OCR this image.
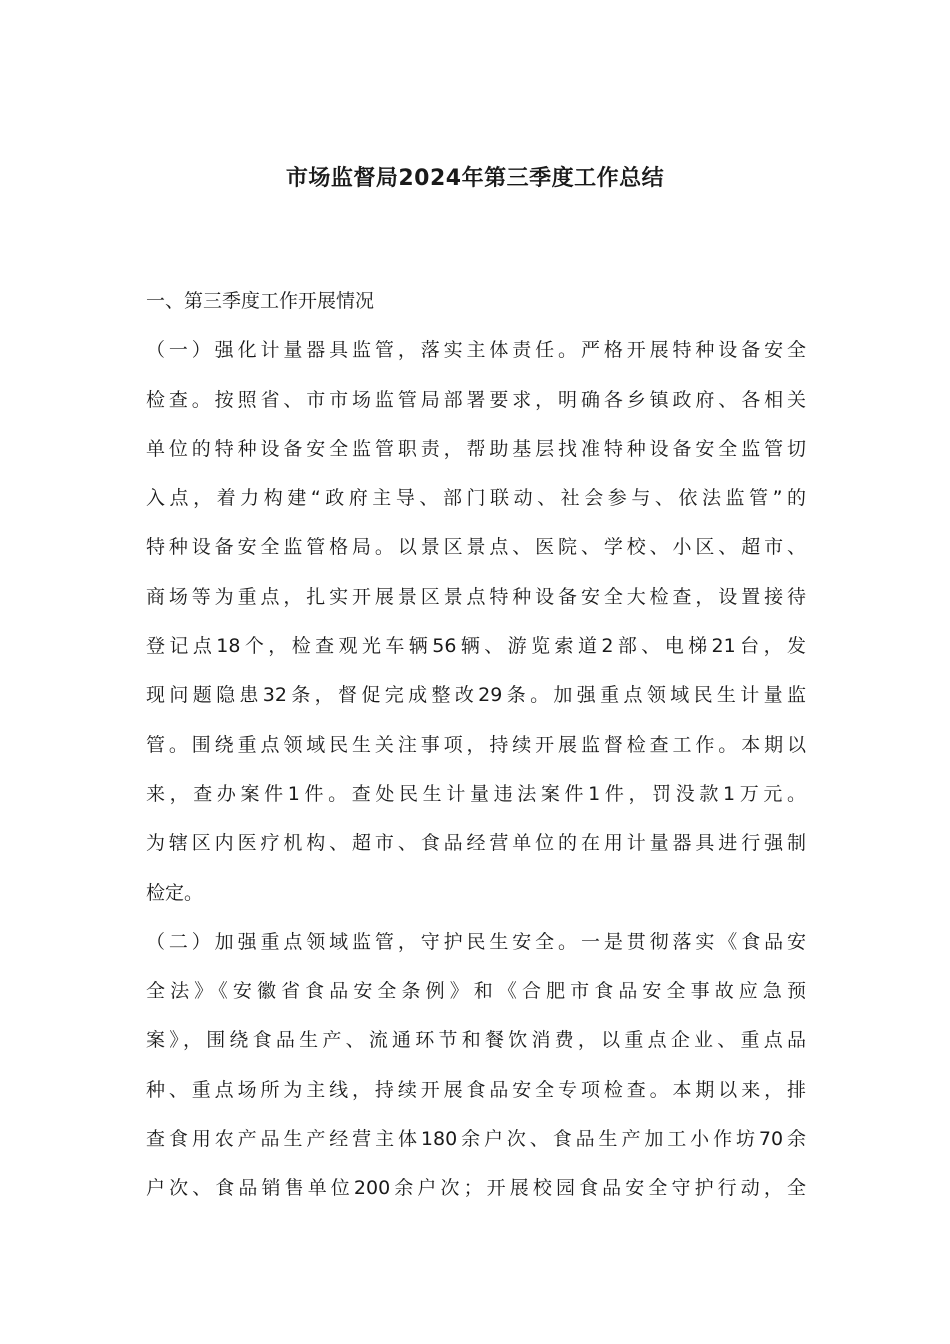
市场监督局2024年第三季度工作总结
一、第三季度工作开展情况
（一）强化计量器具监管，落实主体责任。严格开展特种设备安全
检查。按照省、市市场监管局部署要求，明确各乡镇政府、各相关
单位的特种设备安全监管职责，帮助基层找准特种设备安全监管切
入点，着力构建“政府主导、部门联动、社会参与、依法监管”的
特种设备安全监管格局。以景区景点、医院、学校、小区、超市、
商场等为重点，扎实开展景区景点特种设备安全大检查，设置接待
登记点18个，检查观光车辆56辆、游览索道2部、电梯21台，发
现问题隐患32条，督促完成整改29条。加强重点领域民生计量监
管。围绕重点领域民生关注事项，持续开展监督检查工作。本期以
来，查办案件1件。查处民生计量违法案件1件，罚没款1万元。
为辖区内医疗机构、超市、食品经营单位的在用计量器具进行强制
检定。
（二）加强重点领域监管，守护民生安全。一是贯彻落实《食品安
全法》《安徽省食品安全条例》和《合肥市食品安全事故应急预
案》，围绕食品生产、流通环节和餐饮消费，以重点企业、重点品
种、重点场所为主线，持续开展食品安全专项检查。本期以来，排
查食用农产品生产经营主体180余户次、食品生产加工小作坊70余
户次、食品销售单位200余户次；开展校园食品安全守护行动，全
